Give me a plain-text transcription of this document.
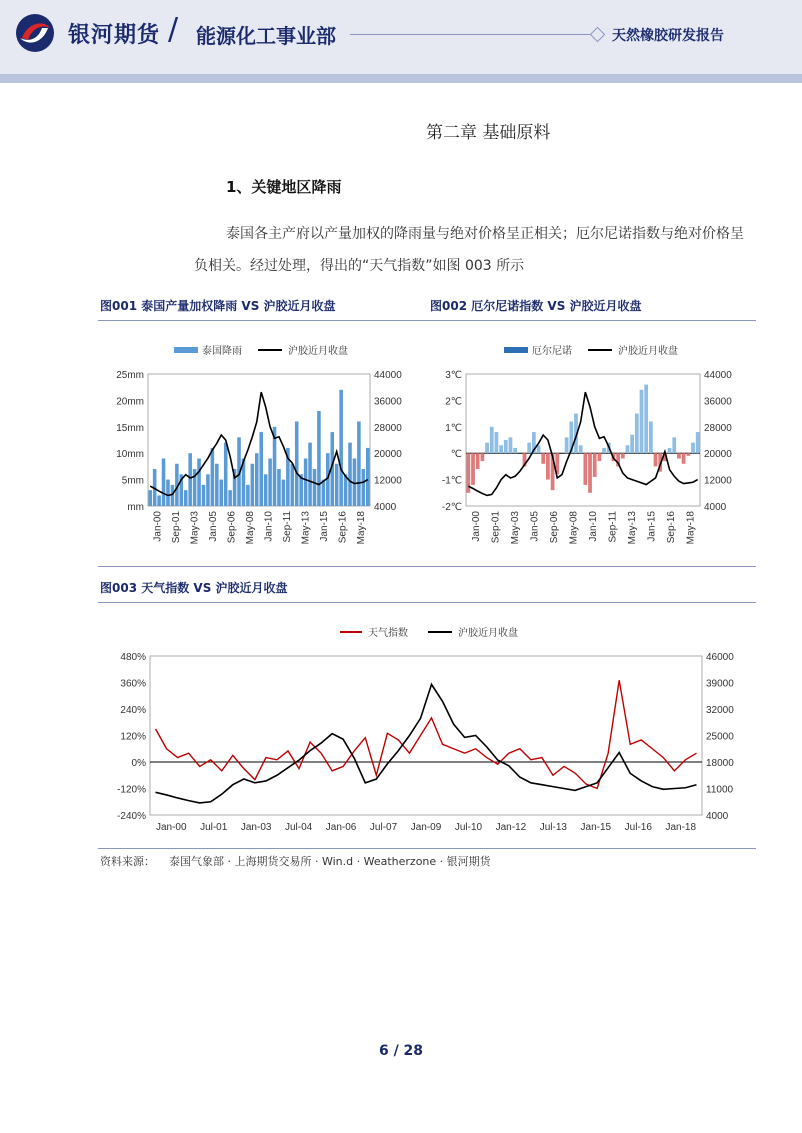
银河期货 / 能源化工事业部	天然橡胶研发报告
第二章 基础原料
1、关键地区降雨
泰国各主产府以产量加权的降雨量与绝对价格呈正相关；厄尔尼诺指数与绝对价格呈负相关。经过处理，得出的“天气指数”如图 003 所示
图001 泰国产量加权降雨 VS 沪胶近月收盘	图002 厄尔尼诺指数 VS 沪胶近月收盘
泰国降雨	沪胶近月收盘
25mm
20mm
15mm
10mm
5mm
mm
44000
36000
28000
20000
12000
4000
Jan-00 Sep-01 May-03 Jan-05 Sep-06 May-08 Jan-10 Sep-11 May-13 Jan-15 Sep-16 May-18
厄尔尼诺	沪胶近月收盘
3℃
2℃
1℃
℃
-1℃
-2℃
44000
36000
28000
20000
12000
4000
Jan-00 Sep-01 May-03 Jan-05 Sep-06 May-08 Jan-10 Sep-11 May-13 Jan-15 Sep-16 May-18
图003 天气指数 VS 沪胶近月收盘
天气指数	沪胶近月收盘
480%
360%
240%
120%
0%
-120%
-240%
46000
39000
32000
25000
18000
11000
4000
Jan-00 Jul-01 Jan-03 Jul-04 Jan-06 Jul-07 Jan-09 Jul-10 Jan-12 Jul-13 Jan-15 Jul-16 Jan-18
资料来源： 泰国气象部 · 上海期货交易所 · Win.d · Weatherzone · 银河期货
6 / 28
